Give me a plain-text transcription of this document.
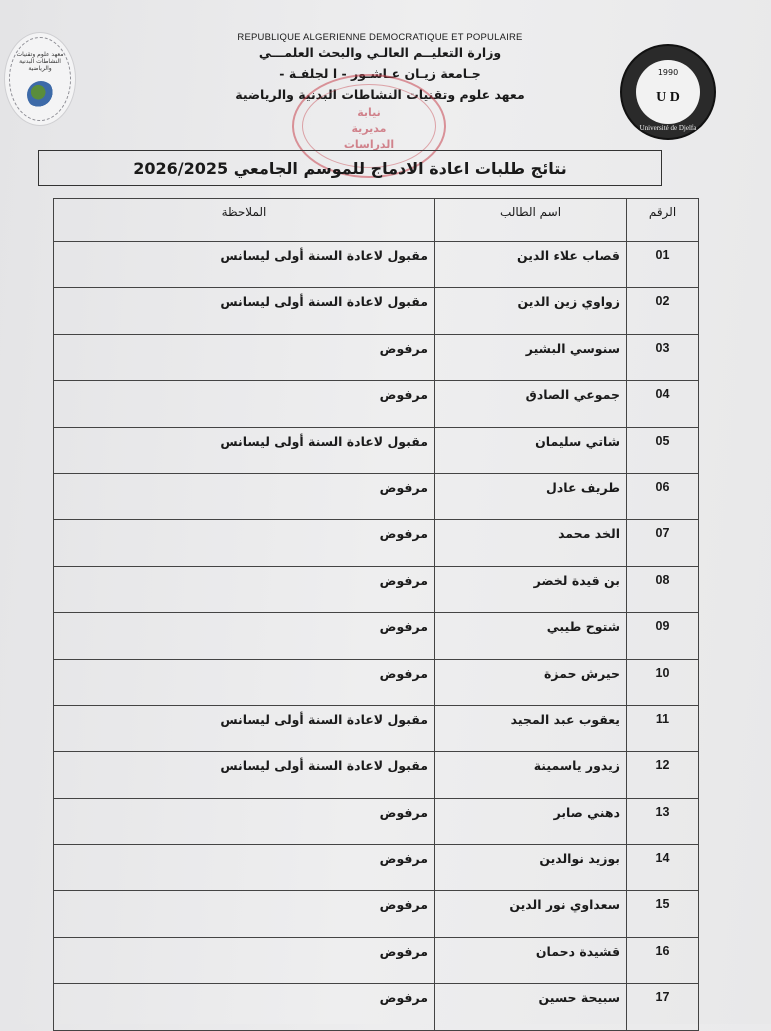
معهد علوم وتقنيات النشاطات البدنية والرياضية
REPUBLIQUE ALGERIENNE DEMOCRATIQUE ET POPULAIRE
وزارة التعليــم العالـي والبحث العلمـــي
جـامعة زيـان عـاشـور - ا لجلفـة -
معهد علوم وتقنيات النشاطات البدنية والرياضية
نيابة
مديرية
الدراسات
1990
U D
Université de Djelfa
نتائج طلبات اعادة الادماج للموسم الجامعي 2026/2025
الرقم	اسم الطالب	الملاحظة
01	قصاب علاء الدين	مقبول لاعادة السنة أولى ليسانس
02	زواوي زين الدين	مقبول لاعادة السنة أولى ليسانس
03	سنوسي البشير	مرفوض
04	جموعي الصادق	مرفوض
05	شاتي سليمان	مقبول لاعادة السنة أولى ليسانس
06	طريف عادل	مرفوض
07	الخد محمد	مرفوض
08	بن قيدة لخضر	مرفوض
09	شتوح طيبي	مرفوض
10	حيرش حمزة	مرفوض
11	يعقوب عبد المجيد	مقبول لاعادة السنة أولى ليسانس
12	زيدور ياسمينة	مقبول لاعادة السنة أولى ليسانس
13	دهني صابر	مرفوض
14	بوزيد نوالدين	مرفوض
15	سعداوي نور الدين	مرفوض
16	قشيدة دحمان	مرفوض
17	سبيحة حسين	مرفوض
